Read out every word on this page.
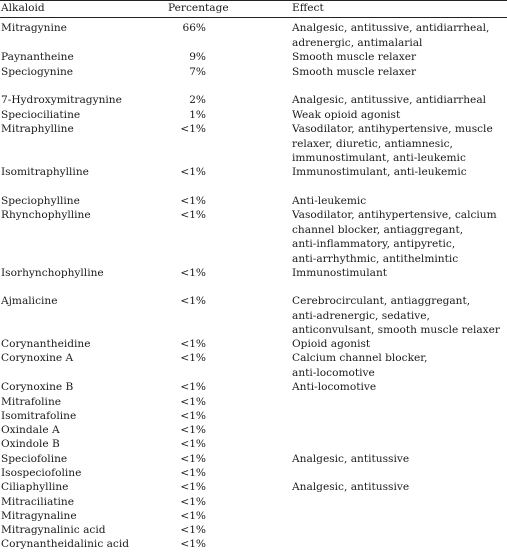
Alkaloid	Percentage	Effect
Mitragynine	66%	Analgesic, antitussive, antidiarrheal,
adrenergic, antimalarial
Paynantheine	9%	Smooth muscle relaxer
Speciogynine	7%	Smooth muscle relaxer
7-Hydroxymitragynine	2%	Analgesic, antitussive, antidiarrheal
Speciociliatine	1%	Weak opioid agonist
Mitraphylline	<1%	Vasodilator, antihypertensive, muscle
relaxer, diuretic, antiamnesic,
immunostimulant, anti-leukemic
Isomitraphylline	<1%	Immunostimulant, anti-leukemic
Speciophylline	<1%	Anti-leukemic
Rhynchophylline	<1%	Vasodilator, antihypertensive, calcium
channel blocker, antiaggregant,
anti-inflammatory, antipyretic,
anti-arrhythmic, antithelmintic
Isorhynchophylline	<1%	Immunostimulant
Ajmalicine	<1%	Cerebrocirculant, antiaggregant,
anti-adrenergic, sedative,
anticonvulsant, smooth muscle relaxer
Corynantheidine	<1%	Opioid agonist
Corynoxine A	<1%	Calcium channel blocker,
anti-locomotive
Corynoxine B	<1%	Anti-locomotive
Mitrafoline	<1%
Isomitrafoline	<1%
Oxindale A	<1%
Oxindole B	<1%
Speciofoline	<1%	Analgesic, antitussive
Isospeciofoline	<1%
Ciliaphylline	<1%	Analgesic, antitussive
Mitraciliatine	<1%
Mitragynaline	<1%
Mitragynalinic acid	<1%
Corynantheidalinic acid	<1%
